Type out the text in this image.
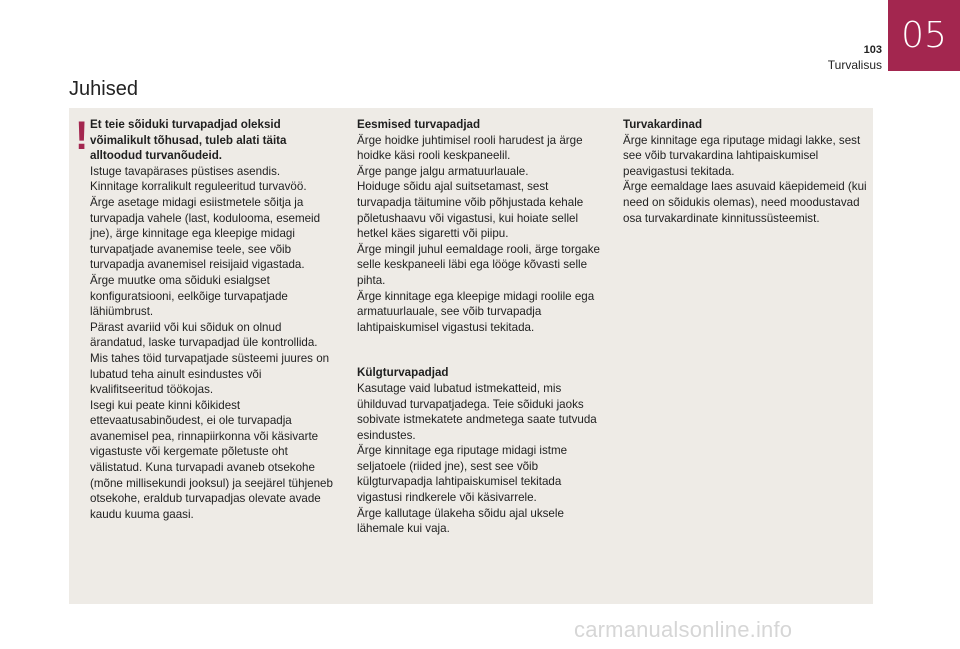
05
103
Turvalisus
Juhised
! Et teie sõiduki turvapadjad oleksid võimalikult tõhusad, tuleb alati täita alltoodud turvanõudeid.

Istuge tavapärases püstises asendis.

Kinnitage korralikult reguleeritud turvavöö.

Ärge asetage midagi esiistmetele sõitja ja turvapadja vahele (last, kodulooma, esemeid jne), ärge kinnitage ega kleepige midagi turvapatjade avanemise teele, see võib turvapadja avanemisel reisijaid vigastada.

Ärge muutke oma sõiduki esialgset konfiguratsiooni, eelkõige turvapatjade lähiümbrust.

Pärast avariid või kui sõiduk on olnud ärandatud, laske turvapadjad üle kontrollida.

Mis tahes töid turvapatjade süsteemi juures on lubatud teha ainult esindustes või kvalifitseeritud töökojas.

Isegi kui peate kinni kõikidest ettevaatusabinõudest, ei ole turvapadja avanemisel pea, rinnapiirkonna või käsivarte vigastuste või kergemate põletuste oht välistatud. Kuna turvapadi avaneb otsekohe (mõne millisekundi jooksul) ja seejärel tühjeneb otsekohe, eraldub turvapadjas olevate avade kaudu kuuma gaasi.

Eesmised turvapadjad

Ärge hoidke juhtimisel rooli harudest ja ärge hoidke käsi rooli keskpaneelil.

Ärge pange jalgu armatuurlauale.

Hoiduge sõidu ajal suitsetamast, sest turvapadja täitumine võib põhjustada kehale põletushaavu või vigastusi, kui hoiate sellel hetkel käes sigaretti või piipu.

Ärge mingil juhul eemaldage rooli, ärge torgake selle keskpaneeli läbi ega lööge kõvasti selle pihta.

Ärge kinnitage ega kleepige midagi roolile ega armatuurlauale, see võib turvapadja lahtipaiskumisel vigastusi tekitada.

Külgturvapadjad

Kasutage vaid lubatud istmekatteid, mis ühilduvad turvapatjadega. Teie sõiduki jaoks sobivate istmekatete andmetega saate tutvuda esindustes.

Ärge kinnitage ega riputage midagi istme seljatoele (riided jne), sest see võib külgturvapadja lahtipaiskumisel tekitada vigastusi rindkerele või käsivarrele.

Ärge kallutage ülakeha sõidu ajal uksele lähemale kui vaja.

Turvakardinad

Ärge kinnitage ega riputage midagi lakke, sest see võib turvakardina lahtipaiskumisel peavigastusi tekitada.

Ärge eemaldage laes asuvaid käepidemeid (kui need on sõidukis olemas), need moodustavad osa turvakardinate kinnitussüsteemist.

carmanualsonline.info
